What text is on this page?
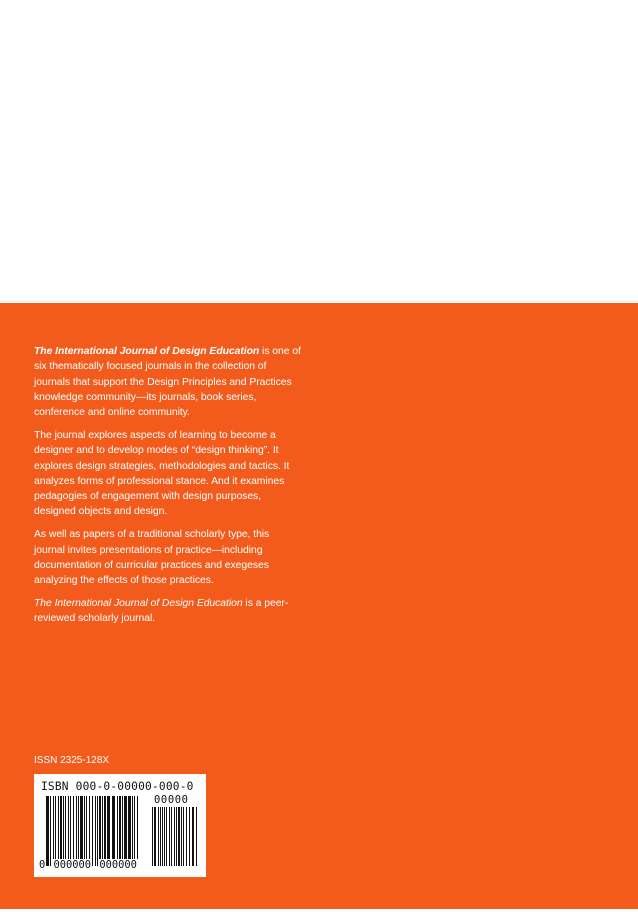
The International Journal of Design Education is one of six thematically focused journals in the collection of journals that support the Design Principles and Practices knowledge community—its journals, book series, conference and online community.

The journal explores aspects of learning to become a designer and to develop modes of “design thinking”. It explores design strategies, methodologies and tactics. It analyzes forms of professional stance. And it examines pedagogies of engagement with design purposes, designed objects and design.

As well as papers of a traditional scholarly type, this journal invites presentations of practice—including documentation of curricular practices and exegeses analyzing the effects of those practices.

The International Journal of Design Education is a peer-reviewed scholarly journal.

ISSN 2325-128X
ISBN 000-0-00000-000-0
00000
0 000000 000000
